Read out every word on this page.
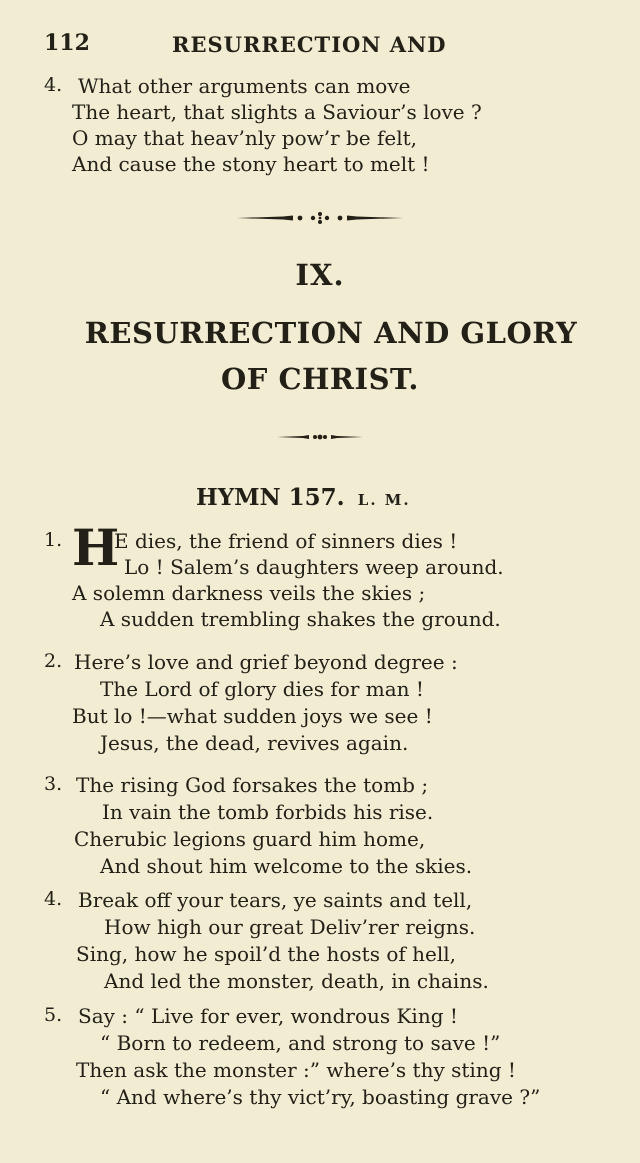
112	RESURRECTION AND
4. What other arguments can move
The heart, that slights a Saviour’s love ?
O may that heav’nly pow’r be felt,
And cause the stony heart to melt !
IX.
RESURRECTION AND GLORY
OF CHRIST.
HYMN 157. L. M.
1. H
E dies, the friend of sinners dies !
Lo ! Salem’s daughters weep around.
A solemn darkness veils the skies ;
A sudden trembling shakes the ground.
2. Here’s love and grief beyond degree :
The Lord of glory dies for man !
But lo !—what sudden joys we see !
Jesus, the dead, revives again.
3. The rising God forsakes the tomb ;
In vain the tomb forbids his rise.
Cherubic legions guard him home,
And shout him welcome to the skies.
4. Break off your tears, ye saints and tell,
How high our great Deliv’rer reigns.
Sing, how he spoil’d the hosts of hell,
And led the monster, death, in chains.
5. Say : “ Live for ever, wondrous King !
“ Born to redeem, and strong to save !”
Then ask the monster :” where’s thy sting !
“ And where’s thy vict’ry, boasting grave ?”
